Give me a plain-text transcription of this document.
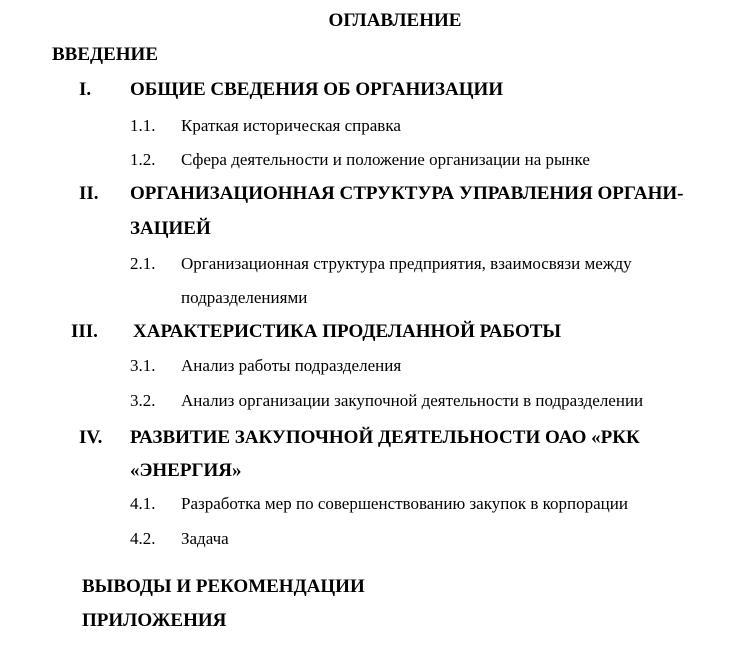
ОГЛАВЛЕНИЕ
ВВЕДЕНИЕ
I. ОБЩИЕ СВЕДЕНИЯ ОБ ОРГАНИЗАЦИИ
1.1. Краткая историческая справка
1.2. Сфера деятельности и положение организации на рынке
II. ОРГАНИЗАЦИОННАЯ СТРУКТУРА УПРАВЛЕНИЯ ОРГАНИ-
ЗАЦИЕЙ
2.1. Организационная структура предприятия, взаимосвязи между
подразделениями
III. ХАРАКТЕРИСТИКА ПРОДЕЛАННОЙ РАБОТЫ
3.1. Анализ работы подразделения
3.2. Анализ организации закупочной деятельности в подразделении
IV. РАЗВИТИЕ ЗАКУПОЧНОЙ ДЕЯТЕЛЬНОСТИ ОАО «РКК
«ЭНЕРГИЯ»
4.1. Разработка мер по совершенствованию закупок в корпорации
4.2. Задача
ВЫВОДЫ И РЕКОМЕНДАЦИИ
ПРИЛОЖЕНИЯ
